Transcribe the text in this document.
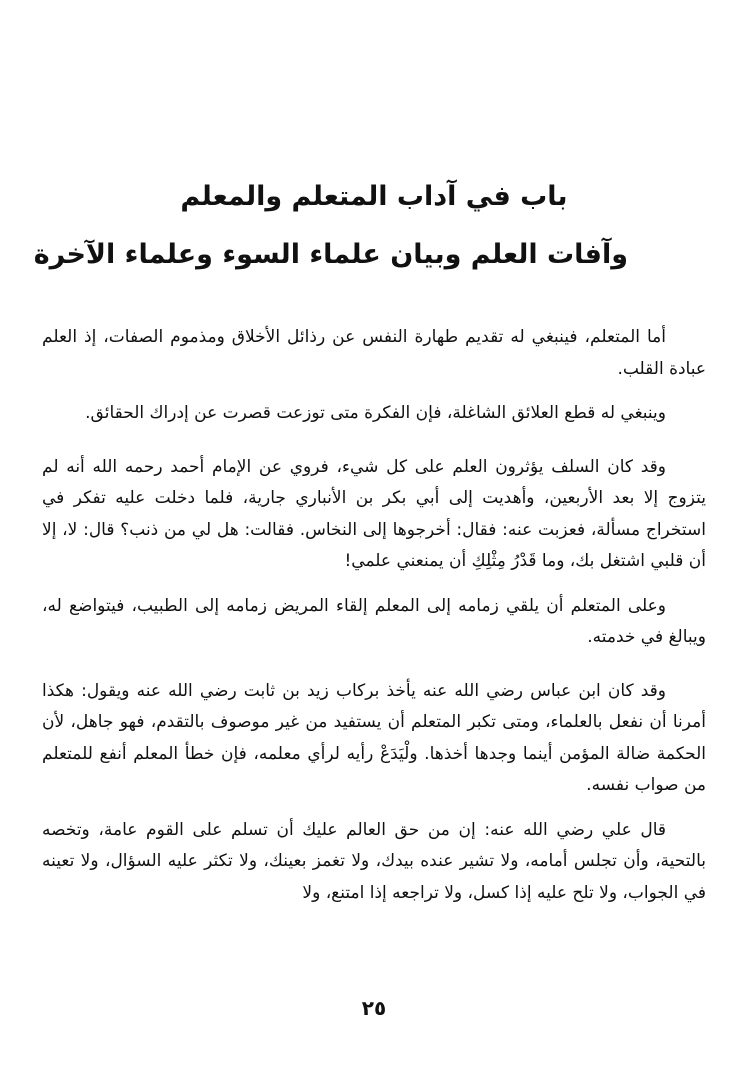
باب في آداب المتعلم والمعلم
وآفات العلم وبيان علماء السوء وعلماء الآخرة

أما المتعلم، فينبغي له تقديم طهارة النفس عن رذائل الأخلاق ومذموم الصفات، إذ العلم عبادة القلب.

وينبغي له قطع العلائق الشاغلة، فإن الفكرة متى توزعت قصرت عن إدراك الحقائق.

وقد كان السلف يؤثرون العلم على كل شيء، فروي عن الإمام أحمد رحمه الله أنه لم يتزوج إلا بعد الأربعين، وأهديت إلى أبي بكر بن الأنباري جارية، فلما دخلت عليه تفكر في استخراج مسألة، فعزبت عنه: فقال: أخرجوها إلى النخاس. فقالت: هل لي من ذنب؟ قال: لا، إلا أن قلبي اشتغل بك، وما قَدْرُ مِثْلِكِ أن يمنعني علمي!

وعلى المتعلم أن يلقي زمامه إلى المعلم إلقاء المريض زمامه إلى الطبيب، فيتواضع له، ويبالغ في خدمته.

وقد كان ابن عباس رضي الله عنه يأخذ بركاب زيد بن ثابت رضي الله عنه ويقول: هكذا أمرنا أن نفعل بالعلماء، ومتى تكبر المتعلم أن يستفيد من غير موصوف بالتقدم، فهو جاهل، لأن الحكمة ضالة المؤمن أينما وجدها أخذها. ولْيَدَعْ رأيه لرأي معلمه، فإن خطأ المعلم أنفع للمتعلم من صواب نفسه.

قال علي رضي الله عنه: إن من حق العالم عليك أن تسلم على القوم عامة، وتخصه بالتحية، وأن تجلس أمامه، ولا تشير عنده بيدك، ولا تغمز بعينك، ولا تكثر عليه السؤال، ولا تعينه في الجواب، ولا تلح عليه إذا كسل، ولا تراجعه إذا امتنع، ولا

٢٥
